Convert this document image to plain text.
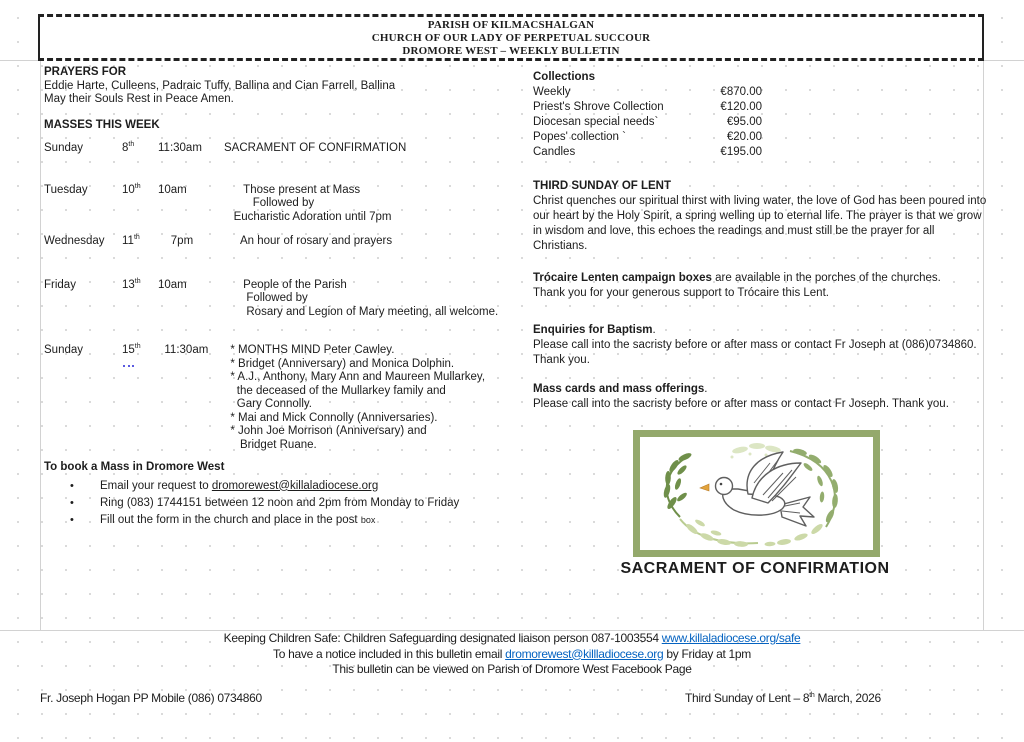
PARISH OF KILMACSHALGAN
CHURCH OF OUR LADY OF PERPETUAL SUCCOUR
DROMORE WEST – WEEKLY BULLETIN
PRAYERS FOR
Eddie Harte, Culleens, Padraic Tuffy, Ballina and Cian Farrell, Ballina
May their Souls Rest in Peace Amen.
MASSES THIS WEEK
Sunday	8th	11:30am	SACRAMENT OF CONFIRMATION
Tuesday	10th	10am	Those present at Mass
Followed by
Eucharistic Adoration until 7pm
Wednesday	11th	7pm	An hour of rosary and prayers
Friday	13th	10am	People of the Parish
Followed by
Rosary and Legion of Mary meeting, all welcome.
Sunday	15th	11:30am	* MONTHS MIND Peter Cawley.
* Bridget (Anniversary) and Monica Dolphin.
* A.J., Anthony, Mary Ann and Maureen Mullarkey,
the deceased of the Mullarkey family and
Gary Connolly.
* Mai and Mick Connolly (Anniversaries).
* John Joe Morrison (Anniversary) and
Bridget Ruane.
To book a Mass in Dromore West
• Email your request to dromorewest@killaladiocese.org
• Ring (083) 1744151 between 12 noon and 2pm from Monday to Friday
• Fill out the form in the church and place in the post box
Collections
Weekly	€870.00
Priest's Shrove Collection	€120.00
Diocesan special needs`	€95.00
Popes' collection `	€20.00
Candles	€195.00
THIRD SUNDAY OF LENT
Christ quenches our spiritual thirst with living water, the love of God has been poured into our heart by the Holy Spirit, a spring welling up to eternal life. The prayer is that we grow in wisdom and love, this echoes the readings and must still be the prayer for all Christians.
Trócaire Lenten campaign boxes are available in the porches of the churches.
Thank you for your generous support to Trócaire this Lent.
Enquiries for Baptism.
Please call into the sacristy before or after mass or contact Fr Joseph at (086)0734860.
Thank you.
Mass cards and mass offerings.
Please call into the sacristy before or after mass or contact Fr Joseph. Thank you.
SACRAMENT OF CONFIRMATION
Keeping Children Safe: Children Safeguarding designated liaison person 087-1003554 www.killaladiocese.org/safe
To have a notice included in this bulletin email dromorewest@killladiocese.org by Friday at 1pm
This bulletin can be viewed on Parish of Dromore West Facebook Page
Fr. Joseph Hogan PP Mobile (086) 0734860	Third Sunday of Lent – 8th March, 2026
